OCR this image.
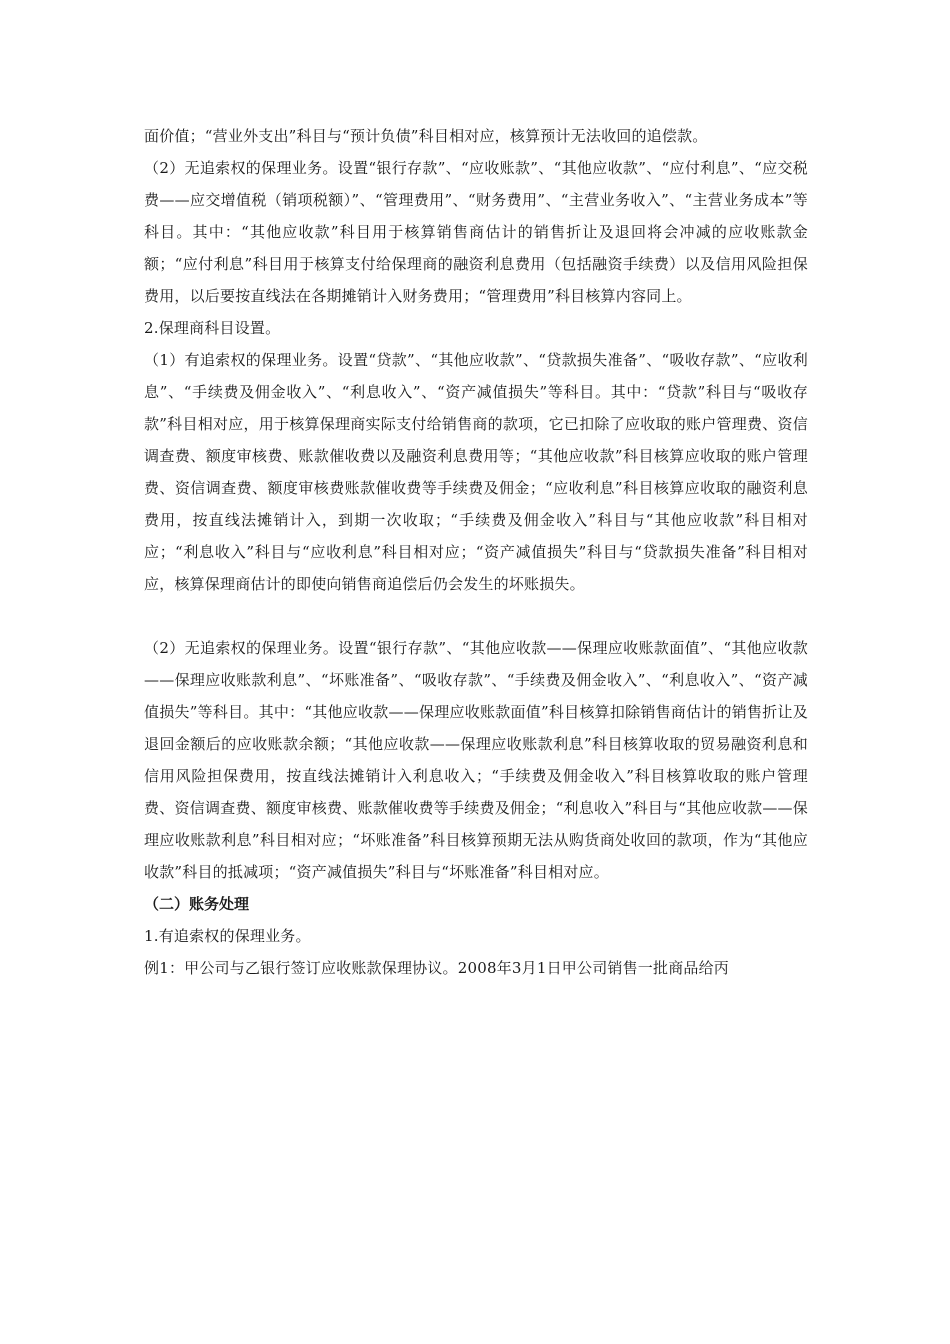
面价值；“营业外支出”科目与“预计负债”科目相对应，核算预计无法收回的追偿款。

（2）无追索权的保理业务。设置“银行存款”、“应收账款”、“其他应收款”、“应付利息”、“应交税费——应交增值税（销项税额）”、“管理费用”、“财务费用”、“主营业务收入”、“主营业务成本”等科目。其中：“其他应收款”科目用于核算销售商估计的销售折让及退回将会冲减的应收账款金额；“应付利息”科目用于核算支付给保理商的融资利息费用（包括融资手续费）以及信用风险担保费用，以后要按直线法在各期摊销计入财务费用；“管理费用”科目核算内容同上。

2.保理商科目设置。

（1）有追索权的保理业务。设置“贷款”、“其他应收款”、“贷款损失准备”、“吸收存款”、“应收利息”、“手续费及佣金收入”、“利息收入”、“资产减值损失”等科目。其中：“贷款”科目与“吸收存款”科目相对应，用于核算保理商实际支付给销售商的款项，它已扣除了应收取的账户管理费、资信调查费、额度审核费、账款催收费以及融资利息费用等；“其他应收款”科目核算应收取的账户管理费、资信调查费、额度审核费账款催收费等手续费及佣金；“应收利息”科目核算应收取的融资利息费用，按直线法摊销计入，到期一次收取；“手续费及佣金收入”科目与“其他应收款”科目相对应；“利息收入”科目与“应收利息”科目相对应；“资产减值损失”科目与“贷款损失准备”科目相对应，核算保理商估计的即使向销售商追偿后仍会发生的坏账损失。

（2）无追索权的保理业务。设置“银行存款”、“其他应收款——保理应收账款面值”、“其他应收款——保理应收账款利息”、“坏账准备”、“吸收存款”、“手续费及佣金收入”、“利息收入”、“资产减值损失”等科目。其中：“其他应收款——保理应收账款面值”科目核算扣除销售商估计的销售折让及退回金额后的应收账款余额；“其他应收款——保理应收账款利息”科目核算收取的贸易融资利息和信用风险担保费用，按直线法摊销计入利息收入；“手续费及佣金收入”科目核算收取的账户管理费、资信调查费、额度审核费、账款催收费等手续费及佣金；“利息收入”科目与“其他应收款——保理应收账款利息”科目相对应；“坏账准备”科目核算预期无法从购货商处收回的款项，作为“其他应收款”科目的抵减项；“资产减值损失”科目与“坏账准备”科目相对应。

（二）账务处理

1.有追索权的保理业务。

例1：甲公司与乙银行签订应收账款保理协议。2008年3月1日甲公司销售一批商品给丙
